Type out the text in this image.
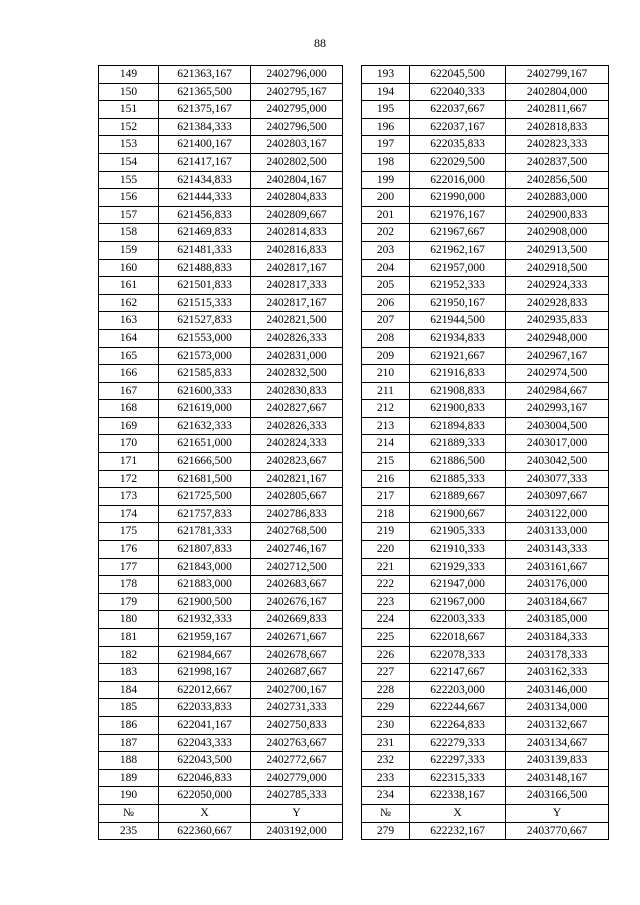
88
149	621363,167	2402796,000
150	621365,500	2402795,167
151	621375,167	2402795,000
152	621384,333	2402796,500
153	621400,167	2402803,167
154	621417,167	2402802,500
155	621434,833	2402804,167
156	621444,333	2402804,833
157	621456,833	2402809,667
158	621469,833	2402814,833
159	621481,333	2402816,833
160	621488,833	2402817,167
161	621501,833	2402817,333
162	621515,333	2402817,167
163	621527,833	2402821,500
164	621553,000	2402826,333
165	621573,000	2402831,000
166	621585,833	2402832,500
167	621600,333	2402830,833
168	621619,000	2402827,667
169	621632,333	2402826,333
170	621651,000	2402824,333
171	621666,500	2402823,667
172	621681,500	2402821,167
173	621725,500	2402805,667
174	621757,833	2402786,833
175	621781,333	2402768,500
176	621807,833	2402746,167
177	621843,000	2402712,500
178	621883,000	2402683,667
179	621900,500	2402676,167
180	621932,333	2402669,833
181	621959,167	2402671,667
182	621984,667	2402678,667
183	621998,167	2402687,667
184	622012,667	2402700,167
185	622033,833	2402731,333
186	622041,167	2402750,833
187	622043,333	2402763,667
188	622043,500	2402772,667
189	622046,833	2402779,000
190	622050,000	2402785,333
№	X	Y
235	622360,667	2403192,000
193	622045,500	2402799,167
194	622040,333	2402804,000
195	622037,667	2402811,667
196	622037,167	2402818,833
197	622035,833	2402823,333
198	622029,500	2402837,500
199	622016,000	2402856,500
200	621990,000	2402883,000
201	621976,167	2402900,833
202	621967,667	2402908,000
203	621962,167	2402913,500
204	621957,000	2402918,500
205	621952,333	2402924,333
206	621950,167	2402928,833
207	621944,500	2402935,833
208	621934,833	2402948,000
209	621921,667	2402967,167
210	621916,833	2402974,500
211	621908,833	2402984,667
212	621900,833	2402993,167
213	621894,833	2403004,500
214	621889,333	2403017,000
215	621886,500	2403042,500
216	621885,333	2403077,333
217	621889,667	2403097,667
218	621900,667	2403122,000
219	621905,333	2403133,000
220	621910,333	2403143,333
221	621929,333	2403161,667
222	621947,000	2403176,000
223	621967,000	2403184,667
224	622003,333	2403185,000
225	622018,667	2403184,333
226	622078,333	2403178,333
227	622147,667	2403162,333
228	622203,000	2403146,000
229	622244,667	2403134,000
230	622264,833	2403132,667
231	622279,333	2403134,667
232	622297,333	2403139,833
233	622315,333	2403148,167
234	622338,167	2403166,500
№	X	Y
279	622232,167	2403770,667
